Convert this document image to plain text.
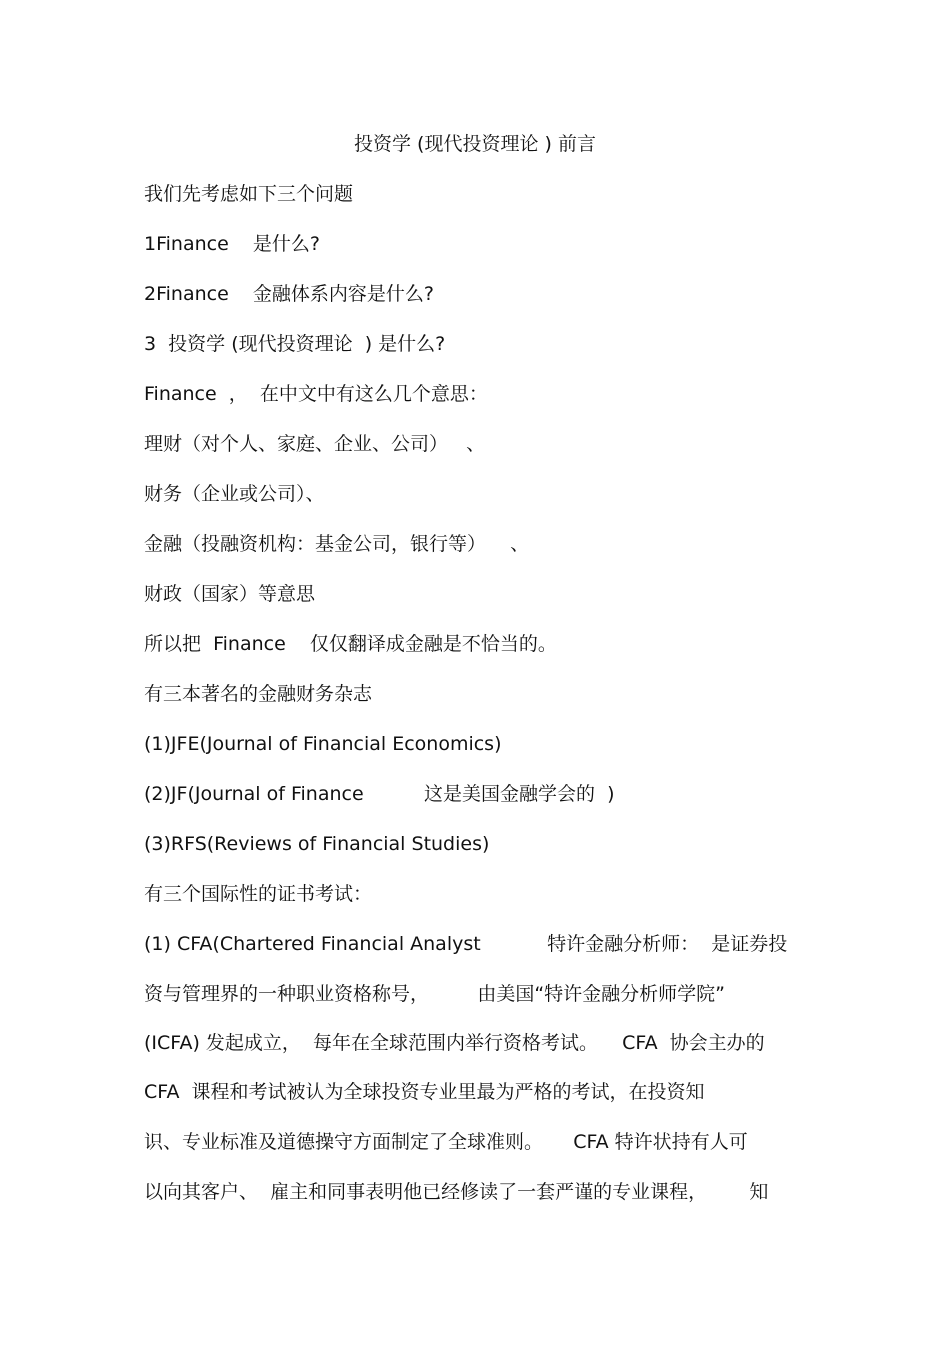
投资学 (现代投资理论 ) 前言
我们先考虑如下三个问题
1Finance    是什么?
2Finance    金融体系内容是什么?
3  投资学 (现代投资理论  ) 是什么?
Finance  ，  在中文中有这么几个意思：
理财（对个人、家庭、企业、公司）   、
财务（企业或公司）、
金融（投融资机构：基金公司，银行等）    、
财政（国家）等意思
所以把  Finance    仅仅翻译成金融是不恰当的。
有三本著名的金融财务杂志
(1)JFE(Journal of Financial Economics)
(2)JF(Journal of Finance          这是美国金融学会的  )
(3)RFS(Reviews of Financial Studies)
有三个国际性的证书考试：
(1) CFA(Chartered Financial Analyst           特许金融分析师：  是证券投
资与管理界的一种职业资格称号，        由美国“特许金融分析师学院”
(ICFA) 发起成立，  每年在全球范围内举行资格考试。    CFA  协会主办的
CFA  课程和考试被认为全球投资专业里最为严格的考试，在投资知
识、专业标准及道德操守方面制定了全球准则。     CFA 特许状持有人可
以向其客户、  雇主和同事表明他已经修读了一套严谨的专业课程，       知
